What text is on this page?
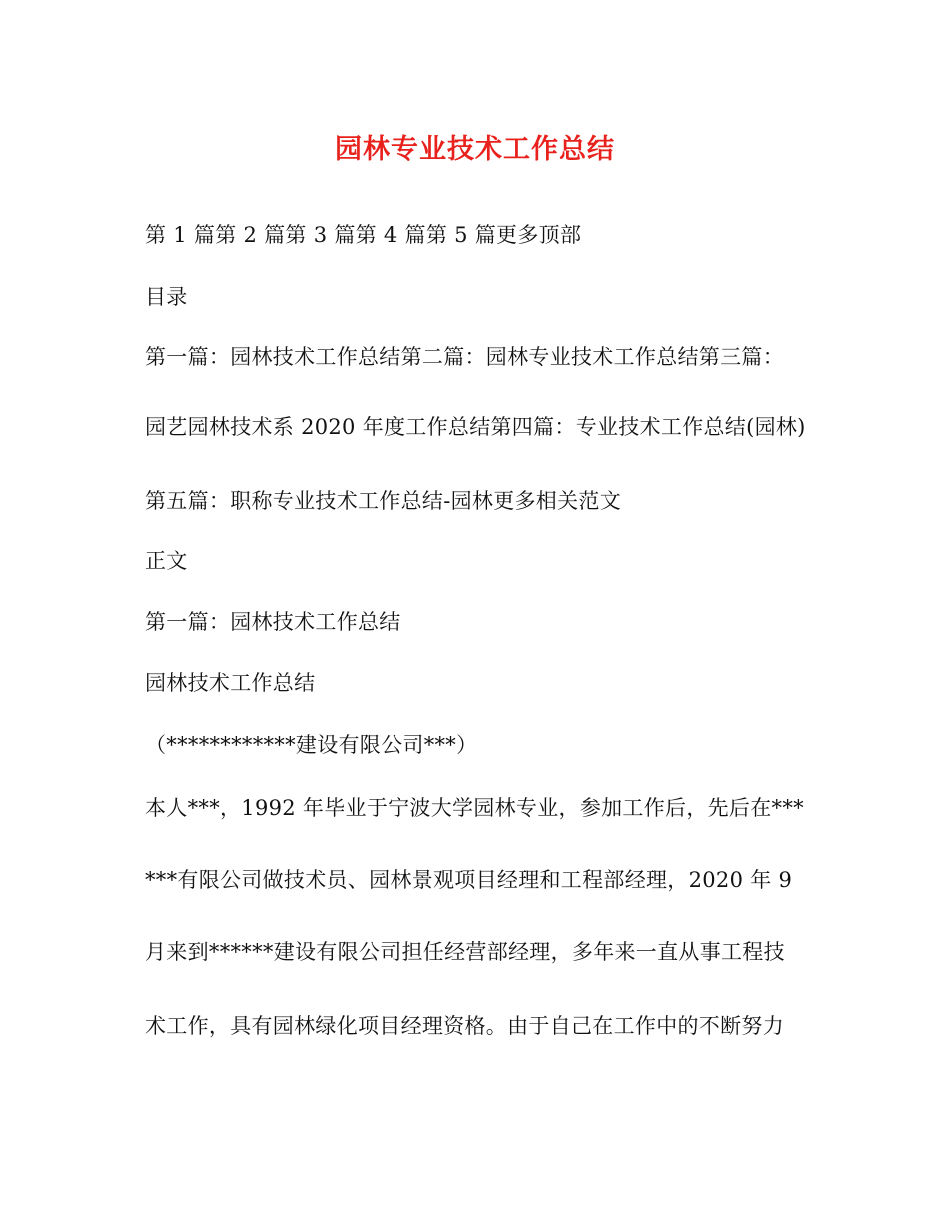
园林专业技术工作总结
第 1 篇第 2 篇第 3 篇第 4 篇第 5 篇更多顶部
目录
第一篇：园林技术工作总结第二篇：园林专业技术工作总结第三篇：
园艺园林技术系 2020 年度工作总结第四篇：专业技术工作总结(园林)
第五篇：职称专业技术工作总结-园林更多相关范文
正文
第一篇：园林技术工作总结
园林技术工作总结
（************建设有限公司***）
本人***，1992 年毕业于宁波大学园林专业，参加工作后，先后在***
***有限公司做技术员、园林景观项目经理和工程部经理，2020 年 9
月来到******建设有限公司担任经营部经理，多年来一直从事工程技
术工作，具有园林绿化项目经理资格。由于自己在工作中的不断努力
